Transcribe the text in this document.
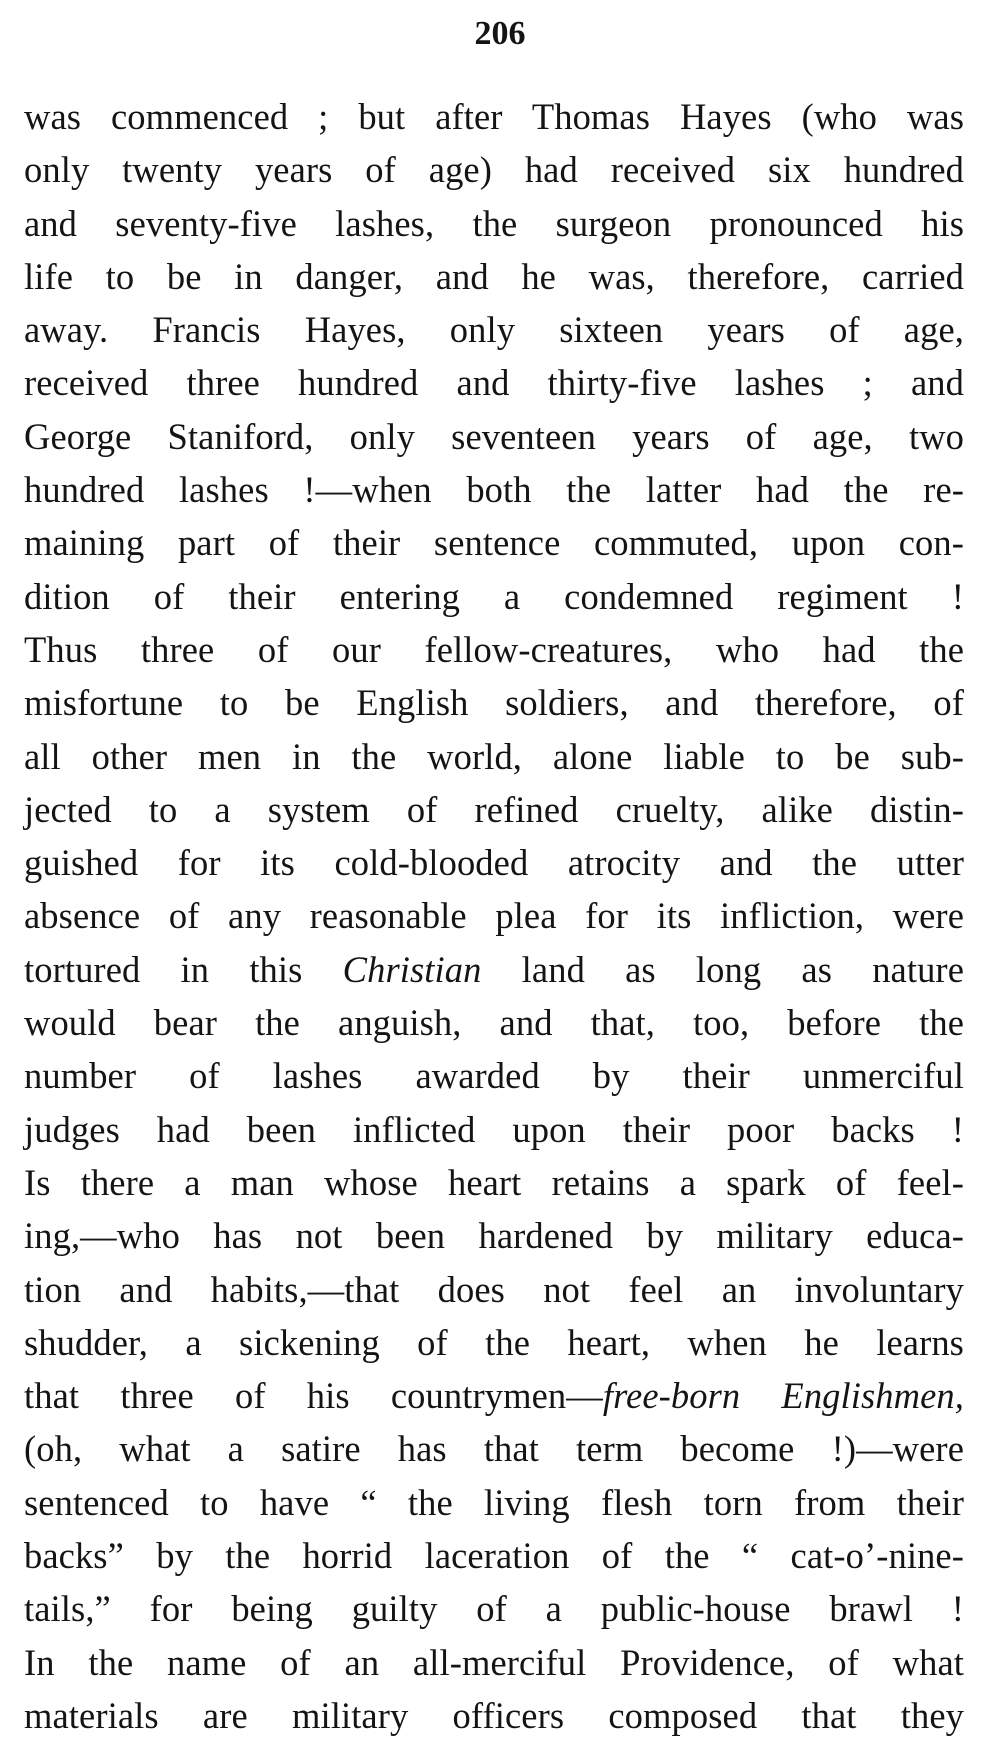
206
was commenced ; but after Thomas Hayes (who was
only twenty years of age) had received six hundred
and seventy-five lashes, the surgeon pronounced his
life to be in danger, and he was, therefore, carried
away. Francis Hayes, only sixteen years of age,
received three hundred and thirty-five lashes ; and
George Staniford, only seventeen years of age, two
hundred lashes !—when both the latter had the re-
maining part of their sentence commuted, upon con-
dition of their entering a condemned regiment !
Thus three of our fellow-creatures, who had the
misfortune to be English soldiers, and therefore, of
all other men in the world, alone liable to be sub-
jected to a system of refined cruelty, alike distin-
guished for its cold-blooded atrocity and the utter
absence of any reasonable plea for its infliction, were
tortured in this Christian land as long as nature
would bear the anguish, and that, too, before the
number of lashes awarded by their unmerciful
judges had been inflicted upon their poor backs !
Is there a man whose heart retains a spark of feel-
ing,—who has not been hardened by military educa-
tion and habits,—that does not feel an involuntary
shudder, a sickening of the heart, when he learns
that three of his countrymen—free-born Englishmen,
(oh, what a satire has that term become !)—were
sentenced to have “ the living flesh torn from their
backs” by the horrid laceration of the “ cat-o’-nine-
tails,” for being guilty of a public-house brawl !
In the name of an all-merciful Providence, of what
materials are military officers composed that they
